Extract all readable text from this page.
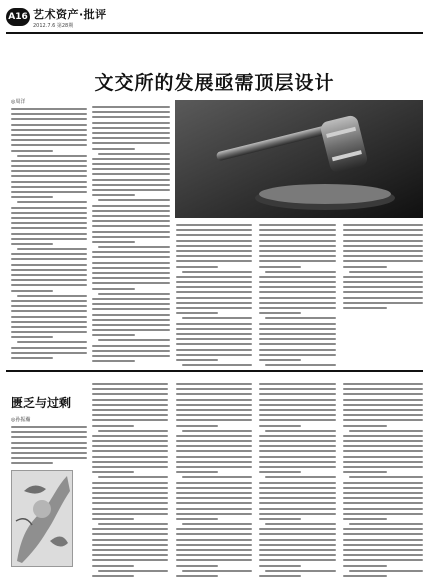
A16 艺术资产·批评
2012.7.6 第28期
文交所的发展亟需顶层设计
◎周洋
匮乏与过剩
◎孙振瀚
